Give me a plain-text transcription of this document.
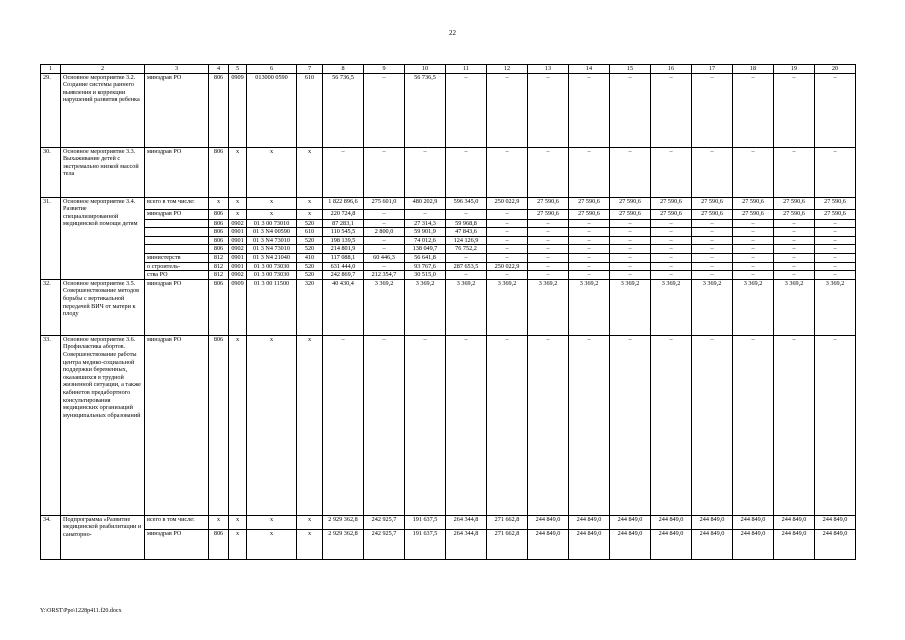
22
1	2	3	4	5	6	7	8	9	10	11	12	13	14	15	16	17	18	19	20
29.	Основное мероприятие 3.2. Создание системы раннего выявления и коррекции нарушений развития ребенка	минздрав РО	806	0909	013000 0590	610	56 736,5	–	56 736,5	–	–	–	–	–	–	–	–	–	–
30.	Основное мероприятие 3.3. Выхаживание детей с экстремально низкой массой тела	минздрав РО	806	x	x	x	–	–	–	–	–	–	–	–	–	–	–	–	–
31.	Основное мероприятие 3.4. Развитие специализированной медицинской помощи детям	всего в том числе:	x	x	x	x	1 822 896,6	275 601,0	480 202,9	596 345,0	250 022,9	27 590,6	27 590,6	27 590,6	27 590,6	27 590,6	27 590,6	27 590,6	27 590,6
		минздрав РО	806	x	x	x	220 724,8	–	–	–	–	27 590,6	27 590,6	27 590,6	27 590,6	27 590,6	27 590,6	27 590,6	27 590,6
			806	0902	01 3 00 73010	520	87 283,1	–	27 314,3	59 968,8	–	–	–	–	–	–	–	–	–
			806	0901	01 3 N4 00590	610	110 545,5	2 800,0	59 901,9	47 843,6	–	–	–	–	–	–	–	–	–
			806	0901	01 3 N4 73010	520	198 139,5	–	74 012,6	124 126,9	–	–	–	–	–	–	–	–	–
			806	0902	01 3 N4 73010	520	214 801,9	–	138 049,7	76 752,2	–	–	–	–	–	–	–	–	–
		министерств	812	0901	01 3 N4 21040	410	117 088,1	60 446,3	56 641,8	–	–	–	–	–	–	–	–	–	–
		о строитель-	812	0901	01 3 00 73030	520	631 444,0	–	93 767,6	287 653,5	250 022,9	–	–	–	–	–	–	–	–
		ства РО	812	0902	01 3 00 73030	520	242 869,7	212 354,7	30 515,0	–	–	–	–	–	–	–	–	–	–
32.	Основное мероприятие 3.5. Совершенствование методов борьбы с вертикальной передачей ВИЧ от матери к плоду	минздрав РО	806	0909	01 3 00 11500	320	40 430,4	3 369,2	3 369,2	3 369,2	3 369,2	3 369,2	3 369,2	3 369,2	3 369,2	3 369,2	3 369,2	3 369,2	3 369,2
33.	Основное мероприятие 3.6. Профилактика абортов. Совершенствование работы центра медико-социальной поддержки беременных, оказавшихся в трудной жизненной ситуации, а также кабинетов предабортного консультирования медицинских организаций муниципальных образований	минздрав РО	806	x	x	x	–	–	–	–	–	–	–	–	–	–	–	–	–
34.	Подпрограмма «Развитие медицинской реабилитации и санаторно-	всего в том числе:	x	x	x	x	2 929 362,8	242 925,7	191 637,5	264 344,8	271 662,8	244 849,0	244 849,0	244 849,0	244 849,0	244 849,0	244 849,0	244 849,0	244 849,0
		минздрав РО	806	x	x	x	2 929 362,8	242 925,7	191 637,5	264 344,8	271 662,8	244 849,0	244 849,0	244 849,0	244 849,0	244 849,0	244 849,0	244 849,0	244 849,0
Y:\ORST\Ppo\1228p411.f20.docx
